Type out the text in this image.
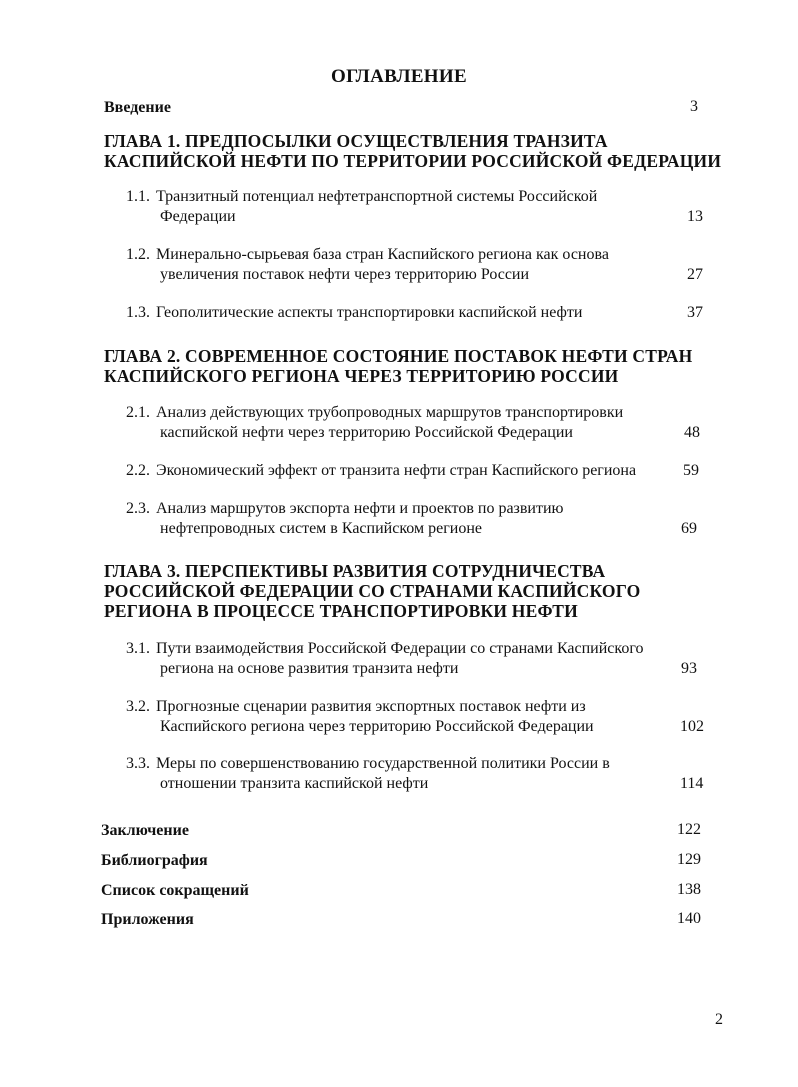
ОГЛАВЛЕНИЕ
Введение	3
ГЛАВА 1. ПРЕДПОСЫЛКИ ОСУЩЕСТВЛЕНИЯ ТРАНЗИТА
КАСПИЙСКОЙ НЕФТИ ПО ТЕРРИТОРИИ РОССИЙСКОЙ ФЕДЕРАЦИИ
1.1. Транзитный потенциал нефтетранспортной системы Российской
Федерации	13
1.2. Минерально-сырьевая база стран Каспийского региона как основа
увеличения поставок нефти через территорию России	27
1.3. Геополитические аспекты транспортировки каспийской нефти	37
ГЛАВА 2. СОВРЕМЕННОЕ СОСТОЯНИЕ ПОСТАВОК НЕФТИ СТРАН
КАСПИЙСКОГО РЕГИОНА ЧЕРЕЗ ТЕРРИТОРИЮ РОССИИ
2.1. Анализ действующих трубопроводных маршрутов транспортировки
каспийской нефти через территорию Российской Федерации	48
2.2. Экономический эффект от транзита нефти стран Каспийского региона	59
2.3. Анализ маршрутов экспорта нефти и проектов по развитию
нефтепроводных систем в Каспийском регионе	69
ГЛАВА 3. ПЕРСПЕКТИВЫ РАЗВИТИЯ СОТРУДНИЧЕСТВА
РОССИЙСКОЙ ФЕДЕРАЦИИ СО СТРАНАМИ КАСПИЙСКОГО
РЕГИОНА В ПРОЦЕССЕ ТРАНСПОРТИРОВКИ НЕФТИ
3.1. Пути взаимодействия Российской Федерации со странами Каспийского
региона на основе развития транзита нефти	93
3.2. Прогнозные сценарии развития экспортных поставок нефти из
Каспийского региона через территорию Российской Федерации	102
3.3. Меры по совершенствованию государственной политики России в
отношении транзита каспийской нефти	114
Заключение	122
Библиография	129
Список сокращений	138
Приложения	140
2
